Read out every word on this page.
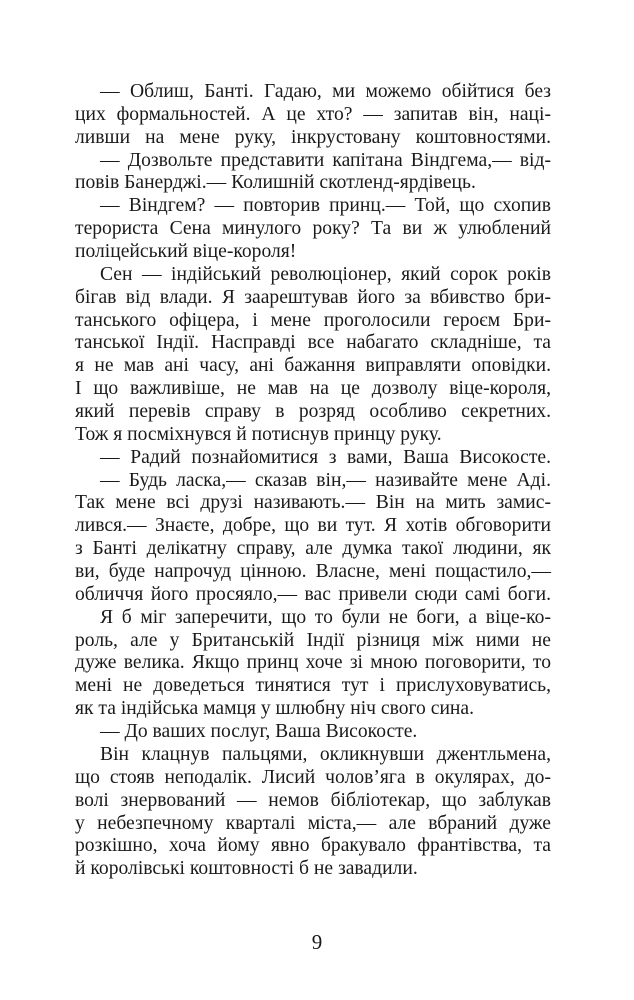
— Облиш, Банті. Гадаю, ми можемо обійтися без
цих формальностей. А це хто? — запитав він, наці-
ливши на мене руку, інкрустовану коштовностями.
— Дозвольте представити капітана Віндгема,— від-
повів Банерджі.— Колишній скотленд-ярдівець.
— Віндгем? — повторив принц.— Той, що схопив
терориста Сена минулого року? Та ви ж улюблений
поліцейський віце-короля!
Сен — індійський революціонер, який сорок років
бігав від влади. Я заарештував його за вбивство бри-
танського офіцера, і мене проголосили героєм Бри-
танської Індії. Насправді все набагато складніше, та
я не мав ані часу, ані бажання виправляти оповідки.
І що важливіше, не мав на це дозволу віце-короля,
який перевів справу в розряд особливо секретних.
Тож я посміхнувся й потиснув принцу руку.
— Радий познайомитися з вами, Ваша Високосте.
— Будь ласка,— сказав він,— називайте мене Аді.
Так мене всі друзі називають.— Він на мить замис-
лився.— Знаєте, добре, що ви тут. Я хотів обговорити
з Банті делікатну справу, але думка такої людини, як
ви, буде напрочуд цінною. Власне, мені пощастило,—
обличчя його просяяло,— вас привели сюди самі боги.
Я б міг заперечити, що то були не боги, а віце-ко-
роль, але у Британській Індії різниця між ними не
дуже велика. Якщо принц хоче зі мною поговорити, то
мені не доведеться тинятися тут і прислуховуватись,
як та індійська мамця у шлюбну ніч свого сина.
— До ваших послуг, Ваша Високосте.
Він клацнув пальцями, окликнувши джентльмена,
що стояв неподалік. Лисий чолов’яга в окулярах, до-
волі знервований — немов бібліотекар, що заблукав
у небезпечному кварталі міста,— але вбраний дуже
розкішно, хоча йому явно бракувало франтівства, та
й королівські коштовності б не завадили.
9
